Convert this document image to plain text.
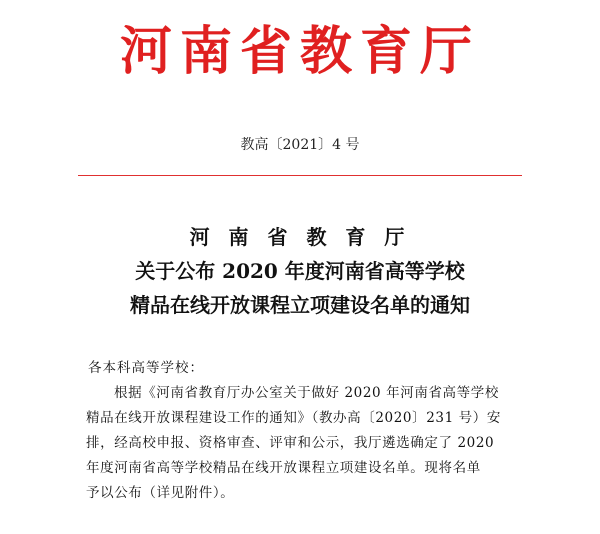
河南省教育厅
教高〔2021〕4 号
河 南 省 教 育 厅
关于公布 2020 年度河南省高等学校
精品在线开放课程立项建设名单的通知
各本科高等学校：
根据《河南省教育厅办公室关于做好 2020 年河南省高等学校
精品在线开放课程建设工作的通知》（教办高〔2020〕231 号）安
排，经高校申报、资格审查、评审和公示，我厅遴选确定了 2020
年度河南省高等学校精品在线开放课程立项建设名单。现将名单
予以公布（详见附件）。
